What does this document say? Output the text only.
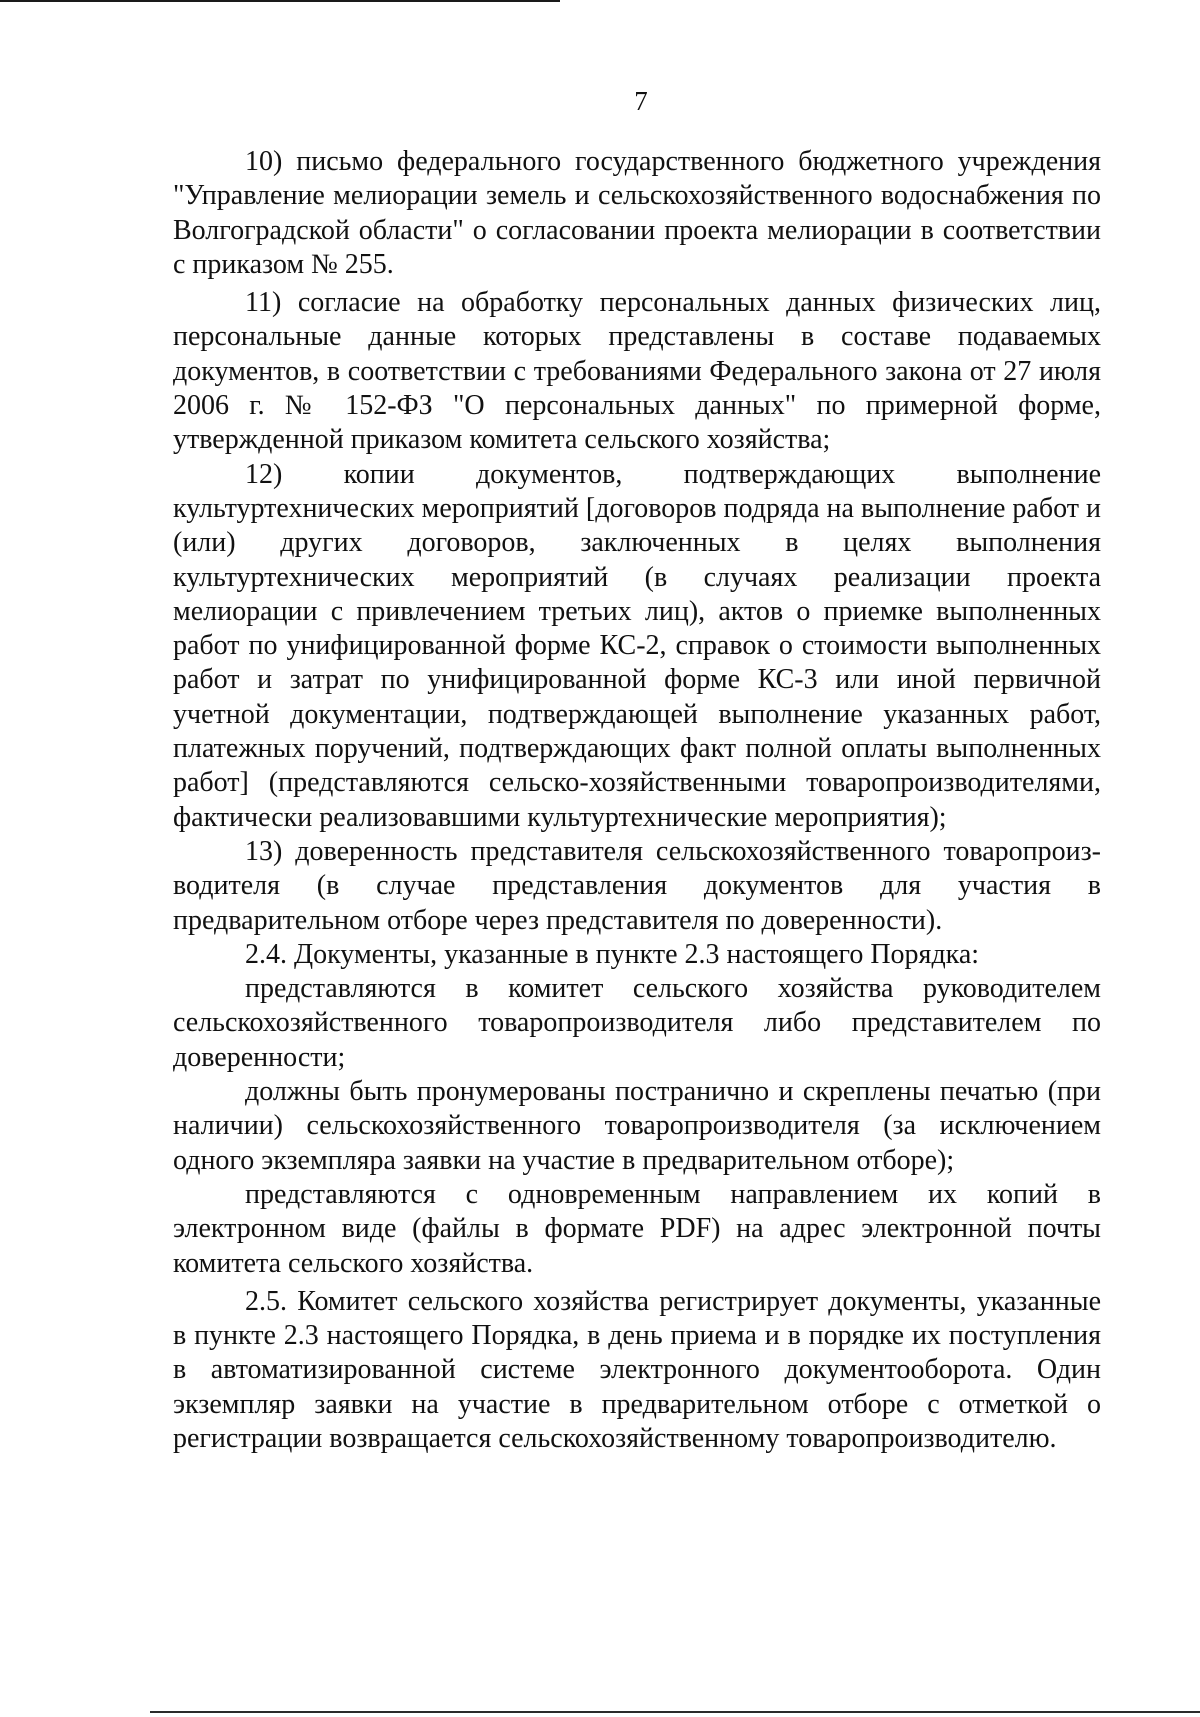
7

10) письмо федерального государственного бюджетного учреждения "Управление мелиорации земель и сельскохозяйственного водоснабжения по Волгоградской области" о согласовании проекта мелиорации в соответствии с приказом № 255.

11) согласие на обработку персональных данных физических лиц, персональные данные которых представлены в составе подаваемых документов, в соответствии с требованиями Федерального закона от 27 июля 2006 г. № 152-ФЗ "О персональных данных" по примерной форме, утвержденной приказом комитета сельского хозяйства;

12) копии документов, подтверждающих выполнение культуртехнических мероприятий [договоров подряда на выполнение работ и (или) других договоров, заключенных в целях выполнения культуртехнических мероприятий (в случаях реализации проекта мелиорации с привлечением третьих лиц), актов о приемке выполненных работ по унифицированной форме КС-2, справок о стоимости выполненных работ и затрат по унифицированной форме КС-3 или иной первичной учетной документации, подтверждающей выполнение указанных работ, платежных поручений, подтверждающих факт полной оплаты выполненных работ] (представляются сельско-хозяйственными товаропроизводителями, фактически реализовавшими культуртехнические мероприятия);

13) доверенность представителя сельскохозяйственного товаропроиз-водителя (в случае представления документов для участия в предварительном отборе через представителя по доверенности).

2.4. Документы, указанные в пункте 2.3 настоящего Порядка:

представляются в комитет сельского хозяйства руководителем сельскохозяйственного товаропроизводителя либо представителем по доверенности;

должны быть пронумерованы постранично и скреплены печатью (при наличии) сельскохозяйственного товаропроизводителя (за исключением одного экземпляра заявки на участие в предварительном отборе);

представляются с одновременным направлением их копий в электронном виде (файлы в формате PDF) на адрес электронной почты комитета сельского хозяйства.

2.5. Комитет сельского хозяйства регистрирует документы, указанные в пункте 2.3 настоящего Порядка, в день приема и в порядке их поступления в автоматизированной системе электронного документооборота. Один экземпляр заявки на участие в предварительном отборе с отметкой о регистрации возвращается сельскохозяйственному товаропроизводителю.
